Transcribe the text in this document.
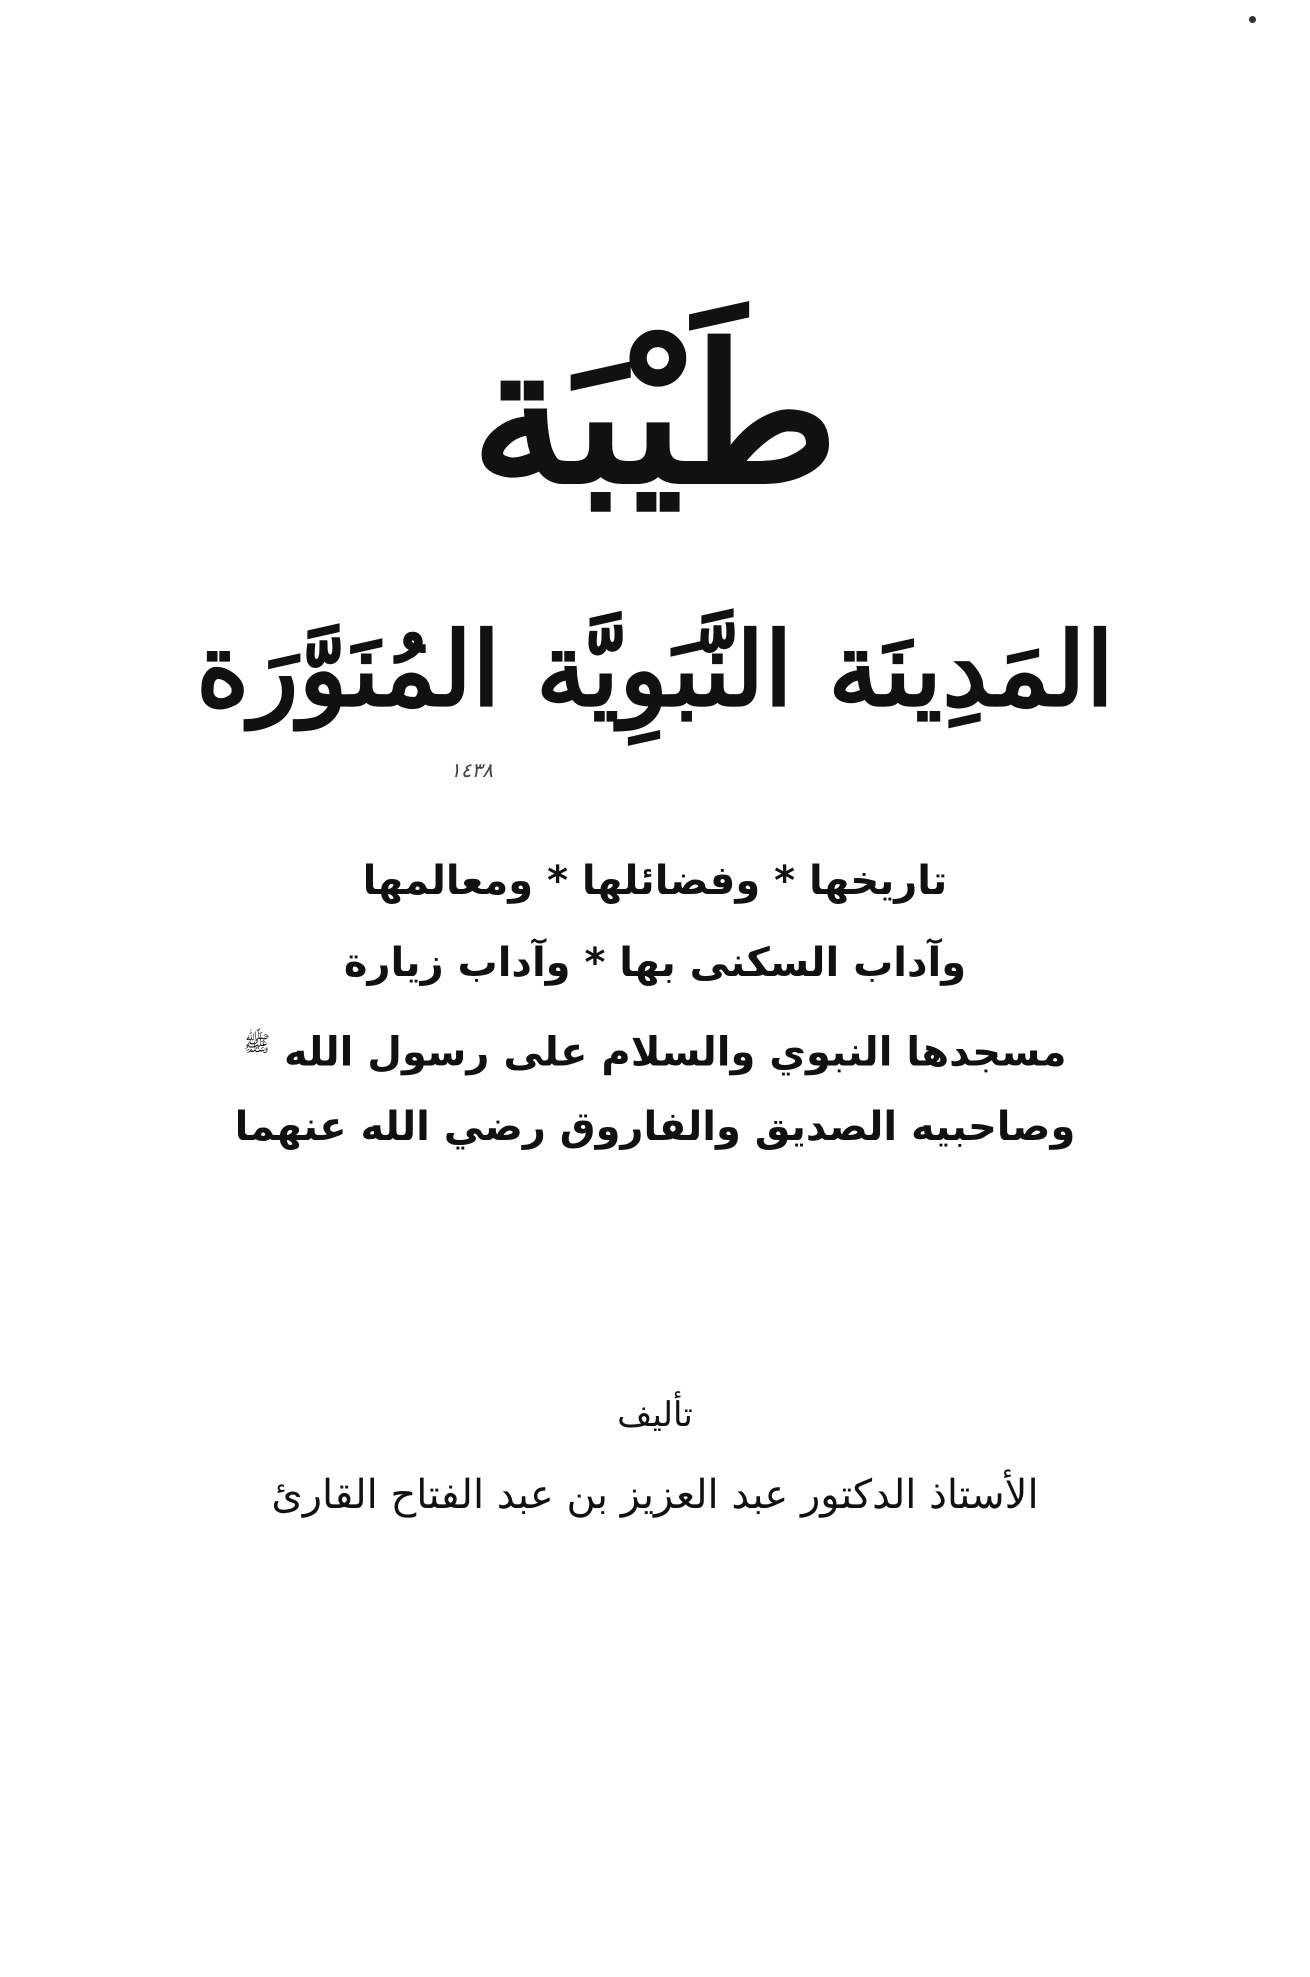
طَيْبَة
المَدِينَة النَّبَوِيَّة المُنَوَّرَة
١٤٣٨
تاريخها * وفضائلها * ومعالمها
وآداب السكنى بها * وآداب زيارة
مسجدها النبوي والسلام على رسول الله $^ﷺ$
وصاحبيه الصديق والفاروق رضي الله عنهما
تأليف
الأستاذ الدكتور عبد العزيز بن عبد الفتاح القارئ
